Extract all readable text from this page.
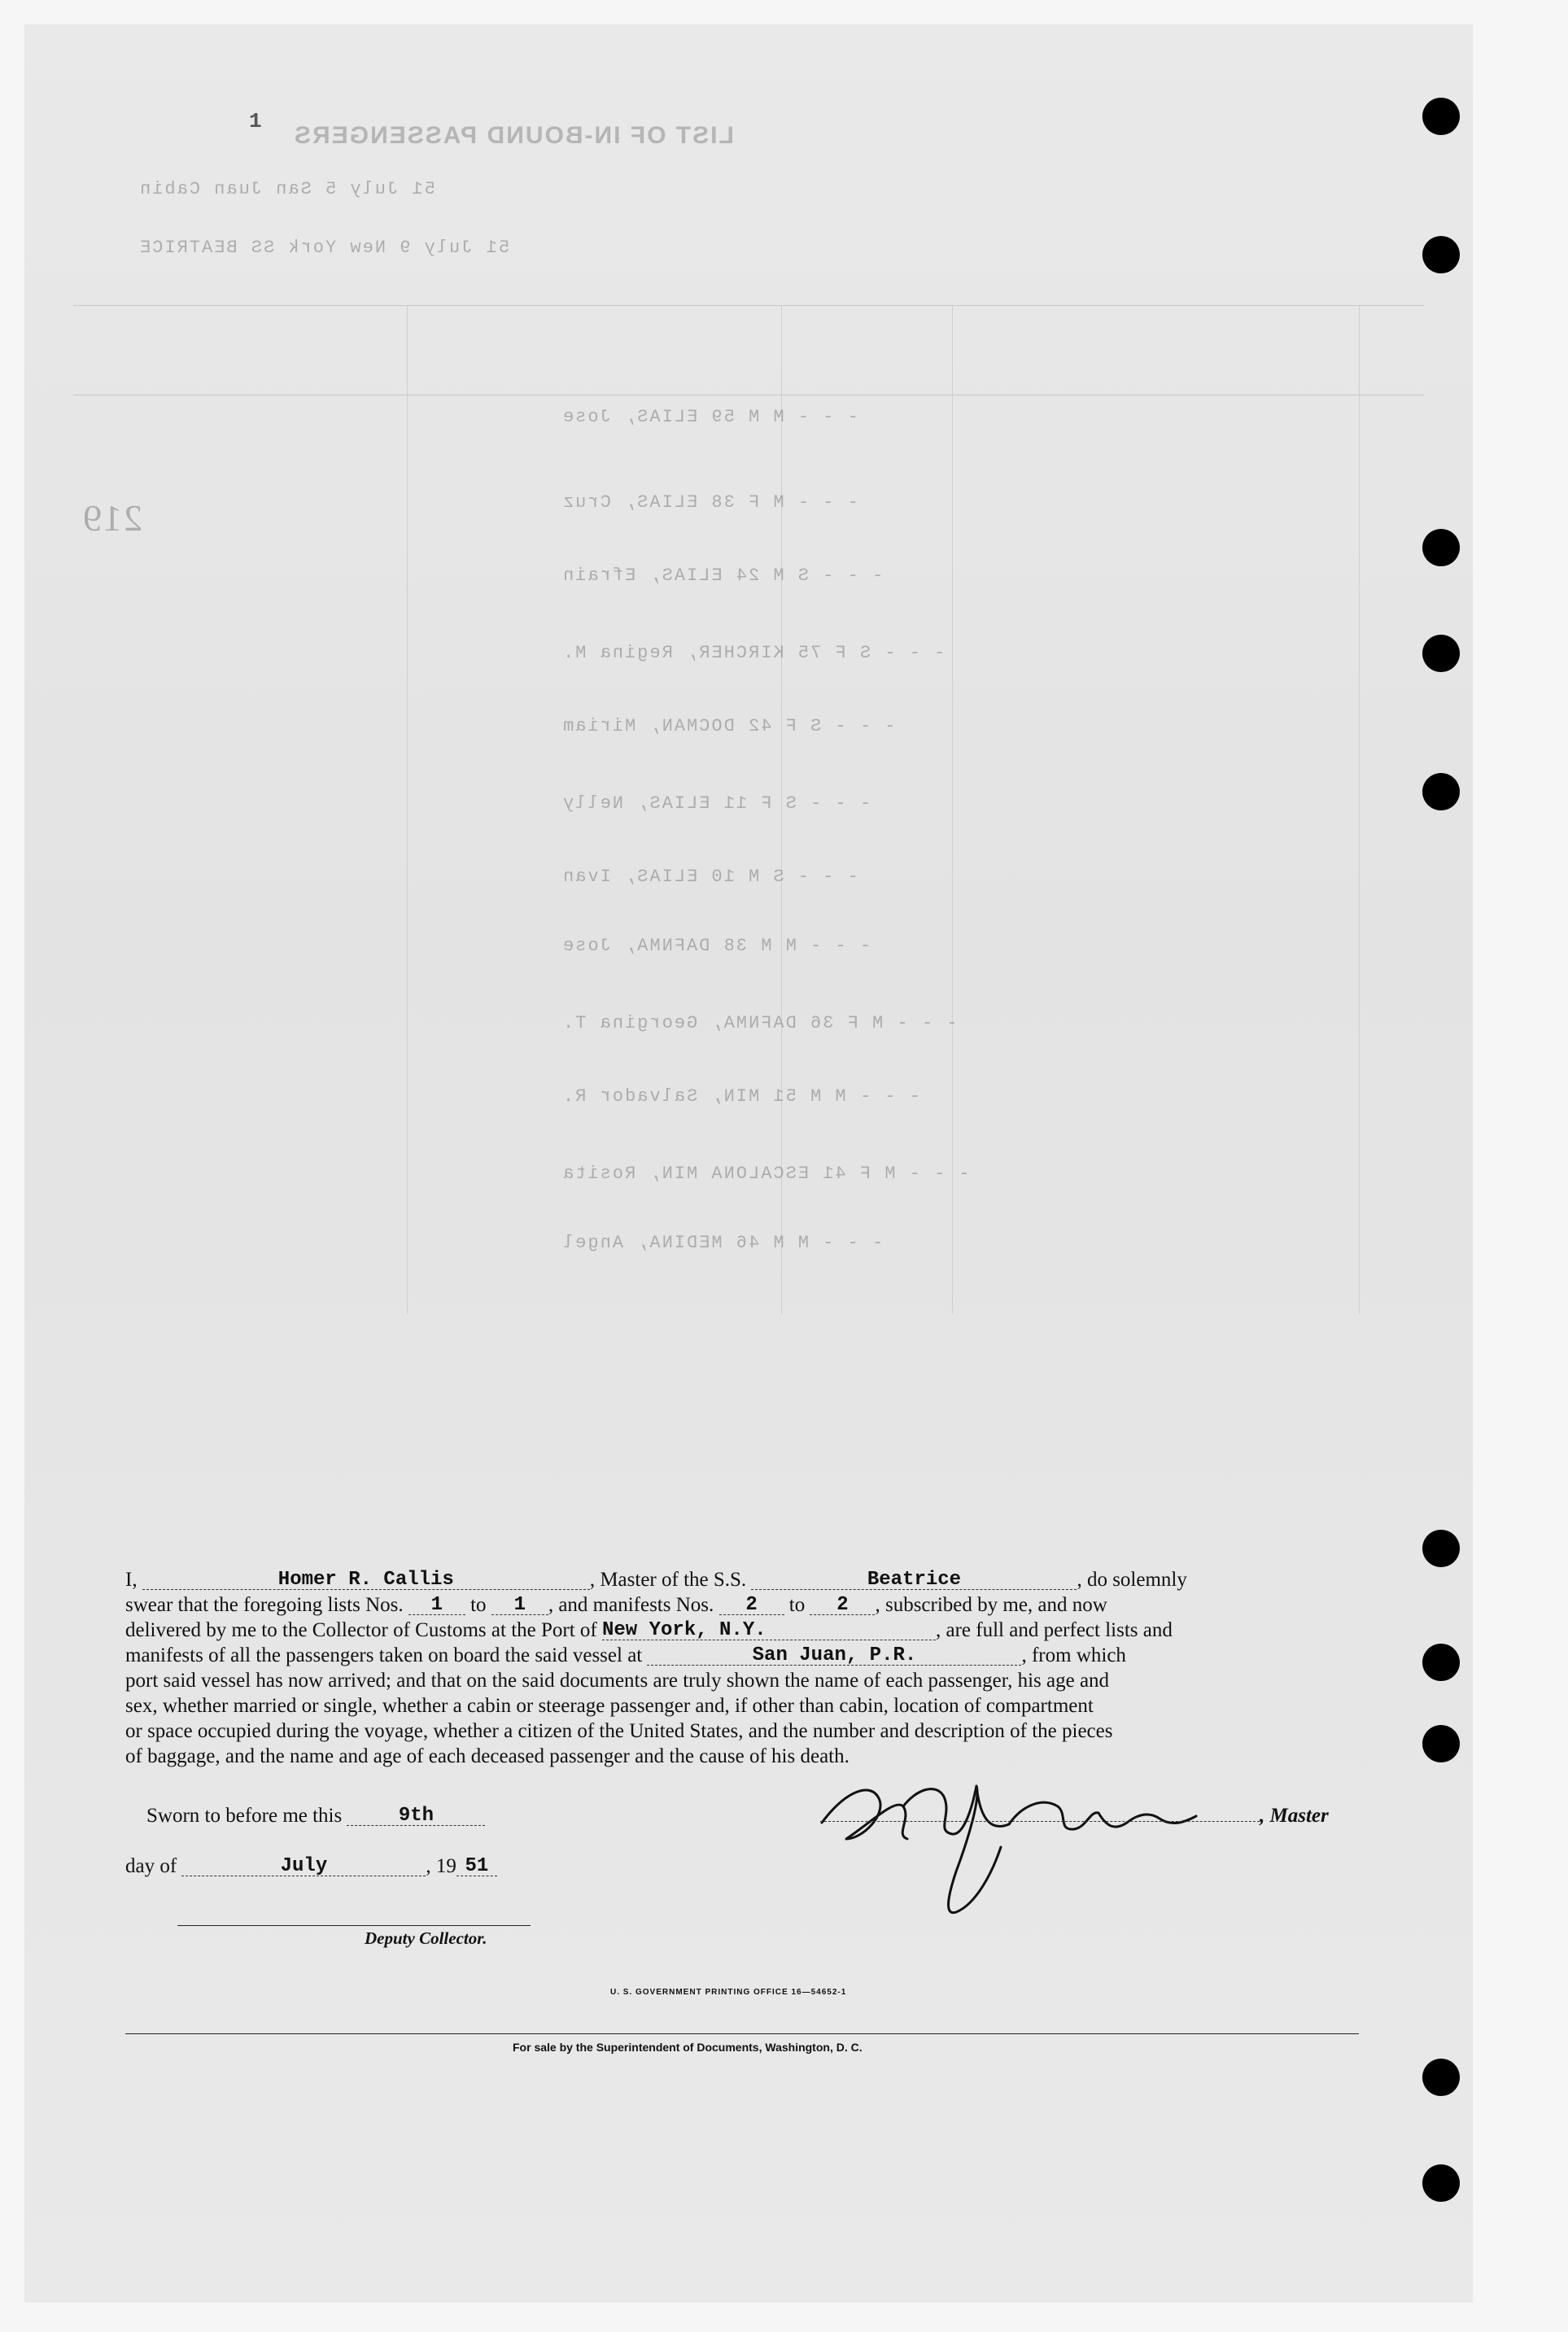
1
LIST OF IN-BOUND PASSENGERS
51 July 5 San Juan Cabin
51 July 9 New York SS BEATRICE
219
- - - M M 59 ELIAS, Jose
- - - M F 38 ELIAS, Cruz
- - - S M 24 ELIAS, Efrain
- - - S F 75 KIRCHER, Regina M.
- - - S F 42 DOCMAN, Miriam
- - - S F 11 ELIAS, Nelly
- - - S M 10 ELIAS, Ivan
- - - M M 38 DAFNMA, Jose
- - - M F 36 DAFNMA, Georgina T.
- - - M M 51 MIN, Salvador R.
- - - M F 41 ESCALONA MIN, Rosita
- - - M M 46 MEDINA, Angel
I,	Homer R. Callis	, Master of the S.S.	Beatrice	, do solemnly
swear that the foregoing lists Nos. 1 to 1 , and manifests Nos. 2 to 2 , subscribed by me, and now
delivered by me to the Collector of Customs at the Port of New York, N.Y.	, are full and perfect lists and
manifests of all the passengers taken on board the said vessel at	San Juan, P.R.	, from which
port said vessel has now arrived; and that on the said documents are truly shown the name of each passenger, his age and
sex, whether married or single, whether a cabin or steerage passenger and, if other than cabin, location of compartment
or space occupied during the voyage, whether a citizen of the United States, and the number and description of the pieces
of baggage, and the name and age of each deceased passenger and the cause of his death.
, Master
Sworn to before me this	9th
day of	July	, 19 51
Deputy Collector.
U. S. GOVERNMENT PRINTING OFFICE 16—54652-1
For sale by the Superintendent of Documents, Washington, D. C.
